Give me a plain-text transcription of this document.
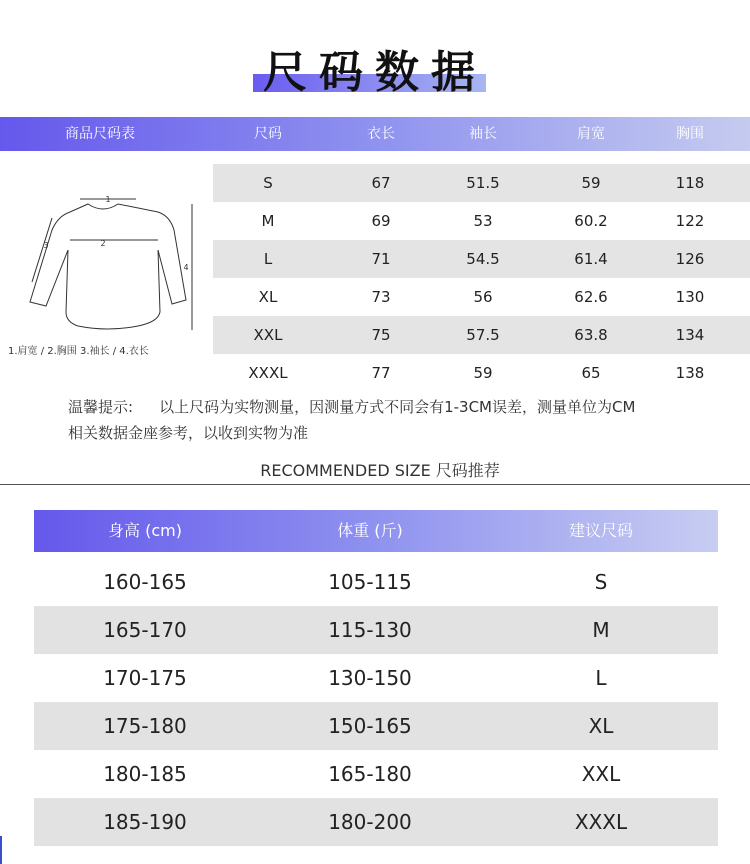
尺码数据
商品尺码表	尺码	衣长	袖长	肩宽	胸围
S	67	51.5	59	118
M	69	53	60.2	122
L	71	54.5	61.4	126
XL	73	56	62.6	130
XXL	75	57.5	63.8	134
XXXL	77	59	65	138
1
2
3
4
1.肩宽 / 2.胸围 3.袖长 / 4.衣长
温馨提示: 以上尺码为实物测量，因测量方式不同会有1-3CM误差，测量单位为CM
相关数据金座参考，以收到实物为准
RECOMMENDED SIZE 尺码推荐
身高 (cm)	体重 (斤)	建议尺码
160-165	105-115	S
165-170	115-130	M
170-175	130-150	L
175-180	150-165	XL
180-185	165-180	XXL
185-190	180-200	XXXL
